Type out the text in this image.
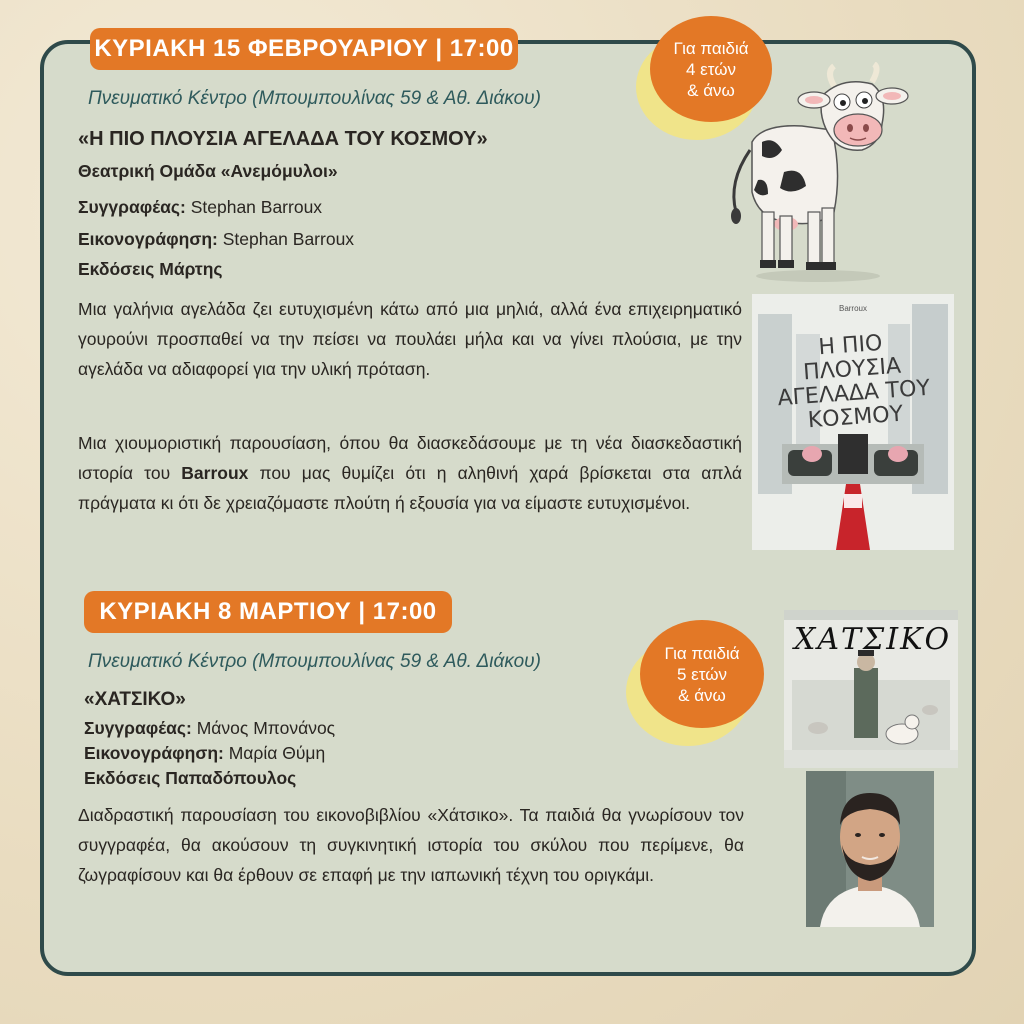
ΚΥΡΙΑΚΗ 15 ΦΕΒΡΟΥΑΡΙΟΥ | 17:00	Για παιδιά
4 ετών
& άνω
Πνευματικό Κέντρο (Μπουμπουλίνας 59 & Αθ. Διάκου)
«Η ΠΙΟ ΠΛΟΥΣΙΑ ΑΓΕΛΑΔΑ ΤΟΥ ΚΟΣΜΟΥ»
Θεατρική Ομάδα «Ανεμόμυλοι»
Συγγραφέας: Stephan Barroux
Εικονογράφηση: Stephan Barroux
Εκδόσεις Μάρτης
Μια γαλήνια αγελάδα ζει ευτυχισμένη κάτω από μια μηλιά, αλλά ένα επιχειρηματικό γουρούνι προσπαθεί να την πείσει να πουλάει μήλα και να γίνει πλούσια, με την αγελάδα να αδιαφορεί για την υλική πρόταση.
Μια χιουμοριστική παρουσίαση, όπου θα διασκεδάσουμε με τη νέα διασκεδαστική ιστορία του Barroux που μας θυμίζει ότι η αληθινή χαρά βρίσκεται στα απλά πράγματα κι ότι δε χρειαζόμαστε πλούτη ή εξουσία για να είμαστε ευτυχισμένοι.
Barroux
Η ΠΙΟ ΠΛΟΥΣΙΑ ΑΓΕΛΑΔΑ ΤΟΥ ΚΟΣΜΟΥ
ΚΥΡΙΑΚΗ 8 ΜΑΡΤΙΟΥ | 17:00
Για παιδιά
5 ετών
& άνω
Πνευματικό Κέντρο (Μπουμπουλίνας 59 & Αθ. Διάκου)
«ΧΑΤΣΙΚΟ»
Συγγραφέας: Μάνος Μπονάνος
Εικονογράφηση: Μαρία Θύμη
Εκδόσεις Παπαδόπουλος
Διαδραστική παρουσίαση του εικονοβιβλίου «Χάτσικο». Τα παιδιά θα γνωρίσουν τον συγγραφέα, θα ακούσουν τη συγκινητική ιστορία του σκύλου που περίμενε, θα ζωγραφίσουν και θα έρθουν σε επαφή με την ιαπωνική τέχνη του οριγκάμι.
ΧΑΤΣΙΚΟ
